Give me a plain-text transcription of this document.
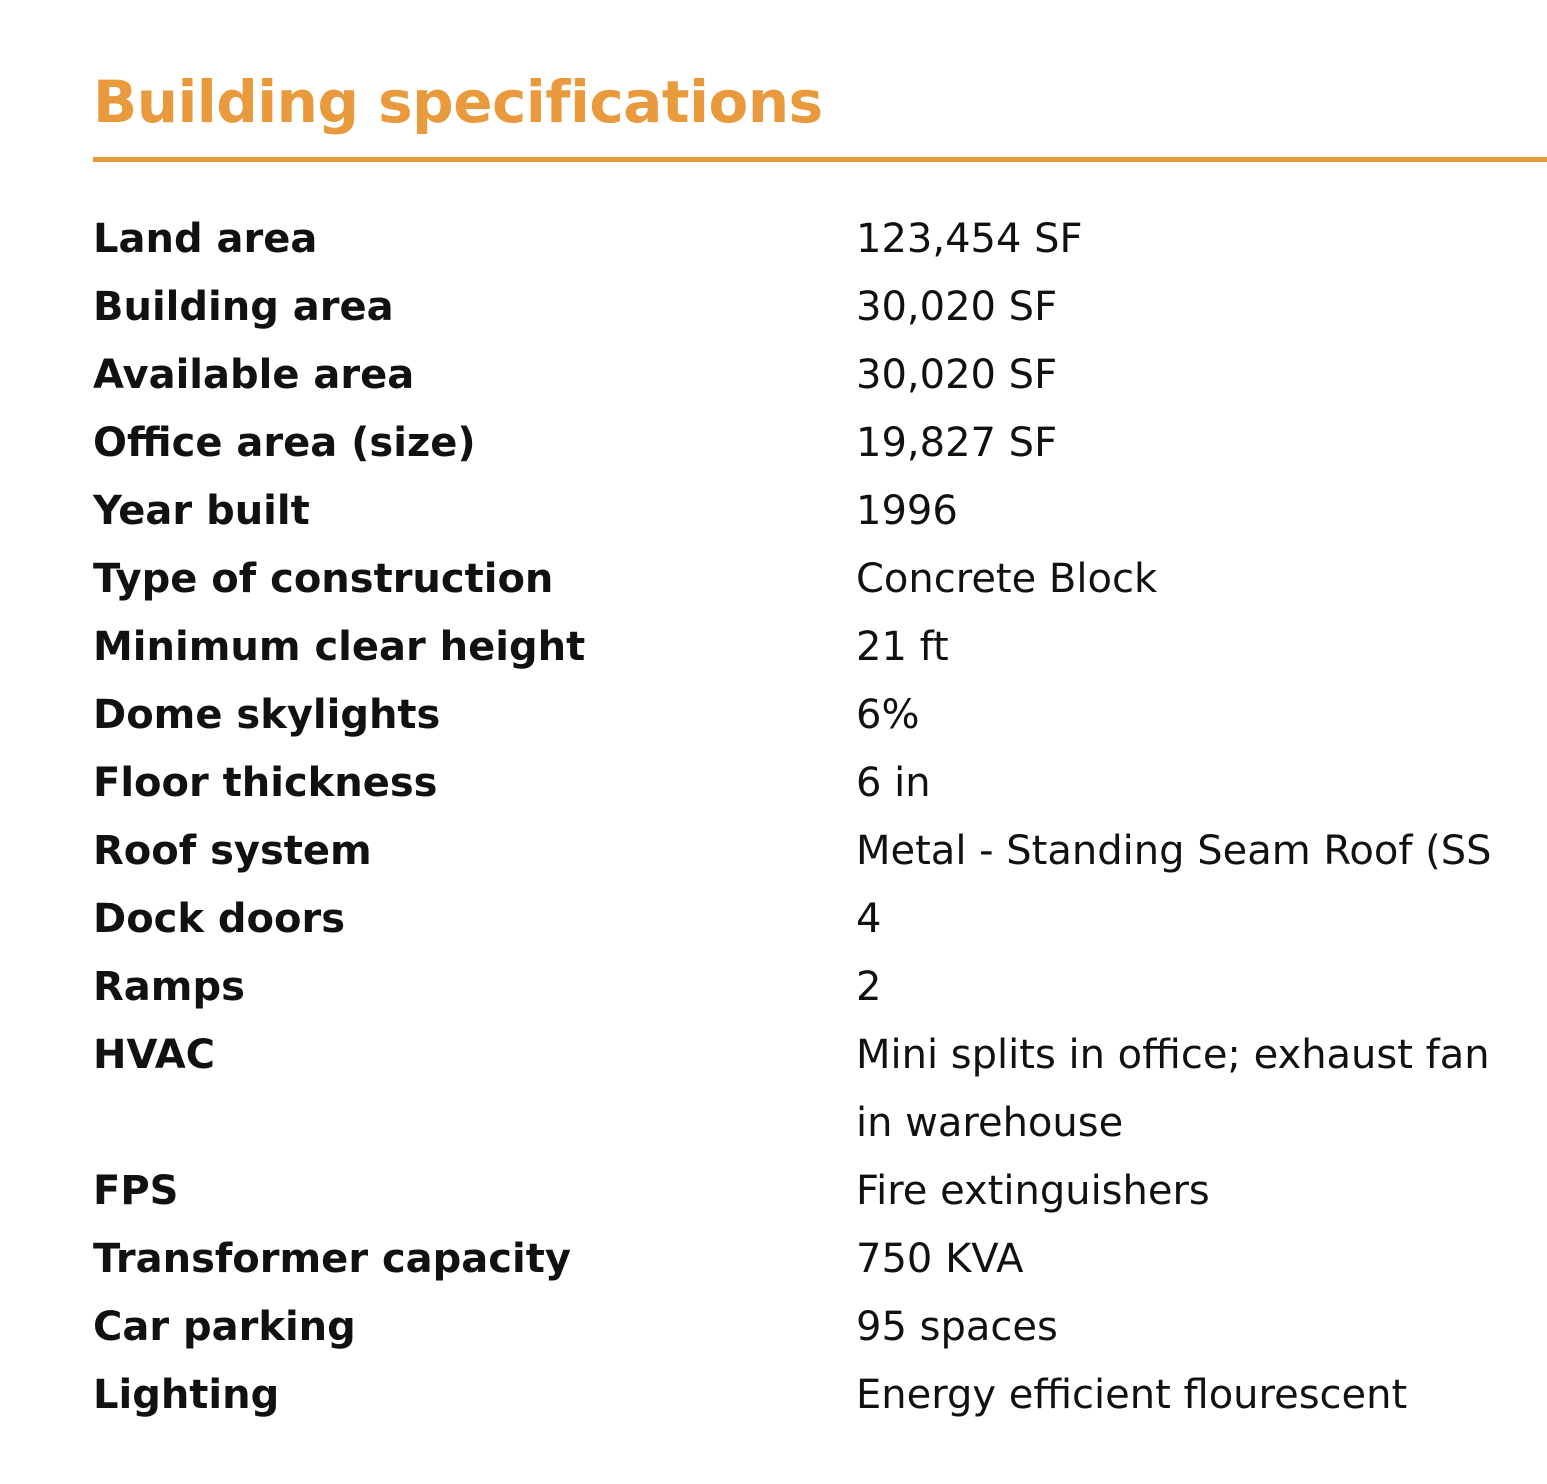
Building specifications
Land area	123,454 SF
Building area	30,020 SF
Available area	30,020 SF
Office area (size)	19,827 SF
Year built	1996
Type of construction	Concrete Block
Minimum clear height	21 ft
Dome skylights	6%
Floor thickness	6 in
Roof system	Metal - Standing Seam Roof (SS
Dock doors	4
Ramps	2
HVAC	Mini splits in office; exhaust fan
in warehouse
FPS	Fire extinguishers
Transformer capacity	750 KVA
Car parking	95 spaces
Lighting	Energy efficient flourescent
